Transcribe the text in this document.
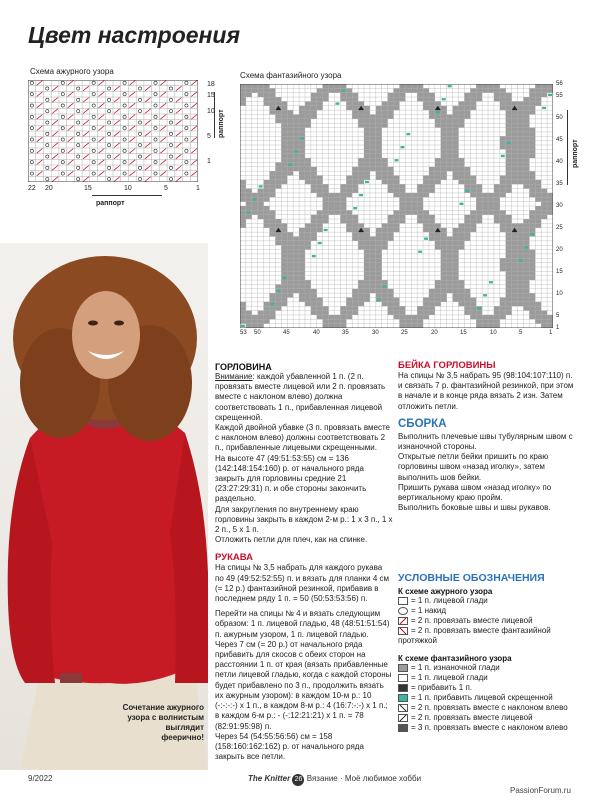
Цвет настроения
Схема ажурного узора
18
15
10
5
1
раппорт
22 20	15	10	5	1
раппорт
Схема фантазийного узора
56
55
50
45
40
35
30
25
20
15
10
5
1
раппорт
53 50	45	40	35	30	25	20	15	10	5	1
Сочетание ажурного узора с волнистым выглядит феерично!
ГОРЛОВИНА
Внимание: каждой убавленной 1 п. (2 п. провязать вместе лицевой или 2 п. провязать вместе с наклоном влево) должна соответствовать 1 п., прибавленная лицевой скрещенной.
Каждой двойной убавке (3 п. провязать вместе с наклоном влево) должны соответствовать 2 п., прибавленные лицевыми скрещенными.
На высоте 47 (49:51:53:55) см = 136 (142:148:154:160) р. от начального ряда закрыть для горловины средние 21 (23:27:29:31) п. и обе стороны закончить раздельно.
Для закругления по внутреннему краю горловины закрыть в каждом 2-м р.: 1 х 3 п., 1 х 2 п., 5 х 1 п.
Отложить петли для плеч, как на спинке.
РУКАВА
На спицы № 3,5 набрать для каждого рукава по 49 (49:52:52:55) п. и вязать для планки 4 см (= 12 р.) фантазийной резинкой, прибавив в последнем ряду 1 п. = 50 (50:53:53:56) п.
Перейти на спицы № 4 и вязать следующим образом: 1 п. лицевой гладью, 48 (48:51:51:54) п. ажурным узором, 1 п. лицевой гладью.
Через 7 см (= 20 р.) от начального ряда прибавить для скосов с обеих сторон на расстоянии 1 п. от края (вязать прибавленные петли лицевой гладью, когда с каждой стороны будет прибавлено по 3 п., продолжить вязать их ажурным узором): в каждом 10-м р.: 10 (-:-:-:-) х 1 п., в каждом 8-м р.: 4 (16:7:-:-) х 1 п.; в каждом 6-м р.: - (-:12:21:21) х 1 п. = 78 (82:91:95:98) п.
Через 54 (54:55:56:56) см = 158 (158:160:162:162) р. от начального ряда закрыть все петли.
БЕЙКА ГОРЛОВИНЫ
На спицы № 3,5 набрать 95 (98:104:107:110) п. и связать 7 р. фантазийной резинкой, при этом в начале и в конце ряда вязать 2 изн. Затем отложить петли.
СБОРКА
Выполнить плечевые швы тубулярным швом с изнаночной стороны.
Открытые петли бейки пришить по краю горловины швом «назад иголку», затем выполнить шов бейки.
Пришить рукава швом «назад иголку» по вертикальному краю пройм.
Выполнить боковые швы и швы рукавов.
УСЛОВНЫЕ ОБОЗНАЧЕНИЯ
К схеме ажурного узора
= 1 п. лицевой глади
= 1 накид
= 2 п. провязать вместе лицевой
= 2 п. провязать вместе фантазийной протяжкой
К схеме фантазийного узора
= 1 п. изнаночной глади
= 1 п. лицевой глади
= прибавить 1 п.
= 1 п. прибавить лицевой скрещенной
= 2 п. провязать вместе с наклоном влево
= 2 п. провязать вместе лицевой
= 3 п. провязать вместе с наклоном влево
9/2022	The Knitter 26 Вязание · Моё любимое хобби
PassionForum.ru
